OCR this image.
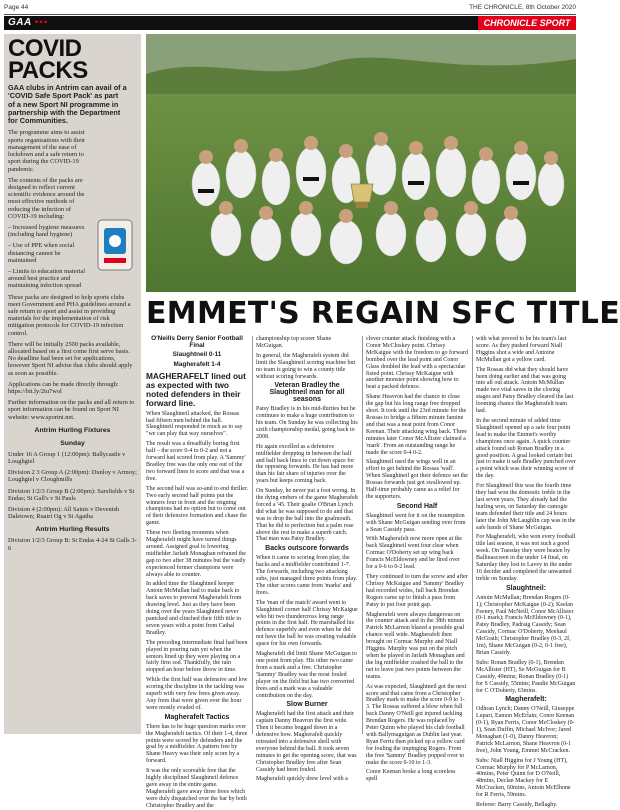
Page 44	THE CHRONICLE, 8th October 2020
GAA ▪▪▪	CHRONICLE SPORT
COVID PACKS

GAA clubs in Antrim can avail of a 'COVID Safe Sport Pack' as part of a new Sport NI programme in partnership with the Department for Communities.

The programme aims to assist sports organisations with their management of the ease of lockdown and a safe return to sport during the COVID-19 pandemic.

The contents of the packs are designed to reflect current scientific evidence around the most effective methods of reducing the infection of COVID-19 including:

– Increased hygiene measures (including hand hygiene)

– Use of PPE when social distancing cannot be maintained

– Limits to education material around best practice and maintaining infection spread

These packs are designed to help sports clubs meet Government and PHA guidelines around a safe return to sport and assist in providing materials for the implementation of risk mitigation protocols for COVID-19 infection control.

There will be initially 2500 packs available, allocated based on a first come first serve basis. No deadline had been set for applications, however Sport NI advise that clubs should apply as soon as possible.

Applications can be made directly through: https://bit.ly/2iu7wol

Further information on the packs and all return to sport information can be found on Sport NI website: www.sportni.net.

Antrim Hurling Fixtures
Sunday

Under 16 A Group 1 (12:00pm): Ballycastle v Loughgiel

Division 2 3 Group A (2:00pm): Dunloy v Armoy; Loughgiel v Cloughmills

Division 1/2/3 Group B (2:00pm): Sarsfields v St Endas; St Gall's v St Pauls

Division 4 (2:00pm): All Saints v Devenish Daletown; Ruairi Og v St Agatha

Antrim Hurling Results

Division 1/2/3 Group B: St Endas 4-24 St Galls 3-6

EMMET'S REGAIN SFC TITLE

O'Neills Derry Senior Football Final

Slaughtneil 0-11

Magherafelt 1-4

MAGHERAFELT lined out as expected with two noted defenders in their forward line.

When Slaughtneil attacked, the Rossas had fifteen men behind the ball. Slaughtneil responded in much as to say "we can play that way ourselves".

The result was a dreadfully boring first half – the score 0-4 to 0-2 and not a forward had scored from play. A 'Sammy' Bradley free was the only one out of the two forward lines to score and that was a free.

The second half was so-and to end thriller. Two early second half points put the winners four in front and the reigning champions had no option but to come out of their defensive formation and chase the game.

These two fleeting moments when Magherafelt might have turned things around. Assigned goal to lowering midfielder Jarlath Monaghan refraned the gap to two after 38 minutes but the vastly experienced former champions were always able to counter.

In added time the Slaughtneil keeper Antoin McMullan had to make back to back saves to prevent Magherafelt from drawing level. Just as they have been doing over the years Slaughtneil never panicked and clinched their fifth title in seven years with a point from Cathal Bradley.

The preceding intermediate final had been played in pouring rain yet when the seniors lined up they were playing on a fairly firm sod. Thankfully, the rain stopped an hour before throw in time.

While the first half was defensive and low scoring the discipline in the tackling was superb with very few frees given away. Any frees that were given over the hour were mostly evaded of.

Magherafelt Tactics

There has to be huge question marks over the Magherafelt tactics. Of their 1-4, three points were scored by defenders and the goal by a midfielder. A pattern free by Shane Heavy was their only score by a forward.

It was the only scoreable free that the highly disciplined Slaughtneil defence gave away in the entire game. Magherafelt gave away three frees which were duly dispatched over the bar by both Christopher Bradley and the

championship top scorer Shane McGuigan.

In general, the Magherafelt system did limit the Slaughtneil scoring machine but no team is going to win a county title without scoring forwards.

Veteran Bradley the Slaughtneil man for all seasons

Patsy Bradley is in his mid-thirties but he continues to make a huge contribution to his team. On Sunday he was collecting his sixth championship medal, going back to 2008.

He again excelled as a defensive midfielder dropping in between the half and half back lines to cut down space for the opposing forwards. He has had more than his fair share of injuries over the years but keeps coming back.

On Sunday, he never put a foot wrong. In the dying embers of the game Magherafelt forced a '45. Their goalie O'Brian Lynch did what he was supposed to do and that was to drop the ball into the goalmouth. That he did to perfection but a palm rose above the rest to make a superb catch. That man was Patsy Bradley.

Backs outscore forwards

When it came to scoring from play, the backs and a midfielder contributed 1-7. The forwards, including two attacking subs, just managed three points from play. The other scores came from 'marks' and frees.

The 'man of the match' award went to Slaughtneil corner half Chrissy McKaigue who hit two thundercross long range points in the first half. He marshalled his defence superbly and even when he did not have the ball he was creating valuable space for his own forwards.

Magherafelt did limit Shane McGuigan to one point from play. His other two came from a mark and a free. Christopher 'Sammy' Bradley was the most fouled player on the field but has two converted frees and a mark was a valuable contribution on the day.

Slow Burner

Magherafelt had the first attack and their captain Danny Heavron the first wide. Then it became bogged down in a defensive bow. Magherafelt quickly retreated into a defensive shell with everyone behind the ball. It took seven minutes to get the opening score, that was Christopher Bradley free after Sean Cassidy had been fouled.

Magherafelt quickly drew level with a

clever counter attack finishing with a Conor McCloskey point. Chrissy McKaigue with the freedom to go forward bombed over the lead point and Conor Glass doubled the lead with a spectacular fisted point. Chrissy McKaigue with another monster point showing how to beat a packed defence.

Shane Heavron had the chance to close the gap but his long range free dropped short. It took until the 23rd minute for the Rossas to bridge a fifteen minute famine and that was a neat point from Conor Keenan. Their attacking wing back. Three minutes later Conor McAllister claimed a 'mark'. From an outstanding range he made the score 0-4 0-2.

Slaughtneil used the wings well in an effort to get behind the Rossas 'wall'. When Slaughtneil got their defence set the Rossas forwards just got swallowed up. Half-time probably came as a relief for the supporters.

Second Half

Slaughtneil went for it on the resumption with Shane McGuigan sending over from a Sean Cassidy pass.

With Magherafelt now more open at the back Slaughtneil went four clear when Cormac O'Doherty set up wing back Francis McEldowney and he fired over for a 0-6 to 0-2 lead.

They continued to turn the screw and after Chrissy McKaigue and 'Sammy' Bradley had recorded wides, full back Brendan Rogers came up to finish a pass from Patsy to put four point gap.

Magherafelt were always dangerous on the counter attack and in the 38th minute Patrick McLarnon blazed a possible goal chance well wide. Magherafelt then brought on Cormac Murphy and Niall Higgins. Murphy was put on the pitch when he played in Jarlath Monaghan and the big midfielder crashed the ball to the net to leave just two points between the teams.

As was expected, Slaughtneil got the next score and that came from a Christopher Bradley mark to make the score 0-9 to 1-3. The Rossas suffered a blow when full back Danny O'Neill got injured tackling Brendan Rogers. He was replaced by Peter Quinn who played his club football with Ballymaguigan as Dublin last year. Ryan Ferris then picked up a yellow card for fouling the impinging Rogers. From the free 'Sammy' Bradley popped over to make the score 0-10 to 1-3.

Conor Keenan broke a long scoreless spell

with what proved to be his team's last score. As they pushed forward Niall Higgins shot a wide and Antoine McMullan got a yellow card.

The Rossas did what they should have been doing earlier and that was going into all out attack. Antoin McMullan made two vital saves in the closing stages and Patsy Bradley cleared the last looming chance the Magherafelt team had.

In the second minute of added time Slaughtneil opened up a safe four point lead to make the Emmet's worthy champions once again. A quick counter attack found sub Ronan Bradley in a good position. A goal looked certain but just to make it safe Bradley punched over a point which was their winning score of the day.

For Slaughtneil this was the fourth time they had won the domestic treble in the last seven years. They already had the hurling won, on Saturday the camogie team defended their title and 24 hours later the John McLaughlin cup was in the safe hands of Shane McGuigan.

For Magherafelt, who won every football title last season, it was not such a good week. On Tuesday they were beaten by Ballinascreen in the under 14 final, on Saturday they lost to Lavey in the under 16 decider and completed the unwanted treble on Sunday.

Slaughtneil:

Antoin McMullan; Brendan Rogers (0-1); Christopher McKaigue (0-2); Keelan Feeney, Paul McNeill, Conor McAllister (0-1 mark); Francis McEldowney (0-1), Patsy Bradley, Padraig Cassidy; Sean Cassidy, Cormac O'Doherty, Meehaul McGrath; Christopher Bradley (0-3, 2f, 1m), Shane McGuigan (0-2, 0-1 free), Brian Cassidy.

Subs: Ronan Bradley (0-1), Brendan McAllister (HT), Se McGuigan for B Cassidy, 49mins; Ronan Bradley (0-1) for S Cassidy, 55mins; Paudie McGuigan for C O'Doherty, 63mins.

Magherafelt:

Odhran Lynch; Danny O'Neill, Giuseppe Lupari, Eamon McErlain; Conor Keenan (0-1), Ryan Ferris, Conor McCloskey (0-1), Sean Duffin, Michael McIvor; Jared Monaghan (1-0), Danny Heavron; Patrick McLarnon, Shane Heavron (0-1 free), John Young, Emmet McCracken.

Subs: Niall Higgins for J Young (HT), Cormac Murphy for P McLarnon, 40mins, Peter Quinn for D O'Neill, 48mins, Declan Mackey for E McCracken, 60mins, Antoin McElhone for R Ferris, 59mins.

Referee: Barry Cassidy, Bellaghy.
